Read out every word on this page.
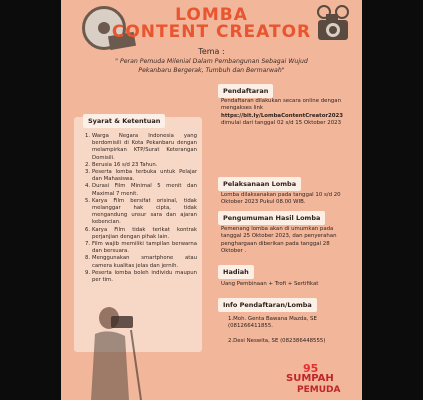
LOMBA
CONTENT CREATOR
Tema :
" Peran Pemuda Milenial Dalam Pembangunan Sebagai Wujud Pekanbaru Bergerak, Tumbuh dan Bermarwah"
Syarat & Ketentuan
1. Warga Negara Indonesia yang berdomisili di Kota Pekanbaru dengan melampirkan KTP/Surat Keterangan Domisili.
2. Berusia 16 s/d 23 Tahun.
3. Peserta lomba terbuka untuk Pelajar dan Mahasiswa.
4. Durasi Film Minimal 5 menit dan Maximal 7 menit.
5. Karya Film bersifat orisinal, tidak melanggar hak cipta, tidak mengandung unsur sara dan ajaran kebencian.
6. Karya Film tidak terikat kontrak perjanjian dengan pihak lain.
7. Film wajib memiliki tampilan berwarna dan bersuara.
8. Menggunakan smartphone atau camera kualitas jelas dan jernih.
9. Peserta lomba boleh individu maupun per tim.
Pendaftaran
Pendaftaran dilakukan secara online dengan mengakses link
https://bit.ly/LombaContentCreator2023
dimulai dari tanggal 02 s/d 15 Oktober 2023
Pelaksanaan Lomba
Lomba dilaksanakan pada tanggal 10 s/d 20 Oktober 2023 Pukul 08.00 WIB.
Pengumuman Hasil Lomba
Pemenang lomba akan di umumkan pada tanggal 25 Oktober 2023, dan penyerahan penghargaan diberikan pada tanggal 28 Oktober .
Hadiah
Uang Pembinaan + Trofi + Sertifikat
Info Pendaftaran/Lomba
1.Moh. Genta Bawana Mazda, SE (081266411855.

2.Desi Neswita, SE (082386448555)
95
SUMPAH
PEMUDA
